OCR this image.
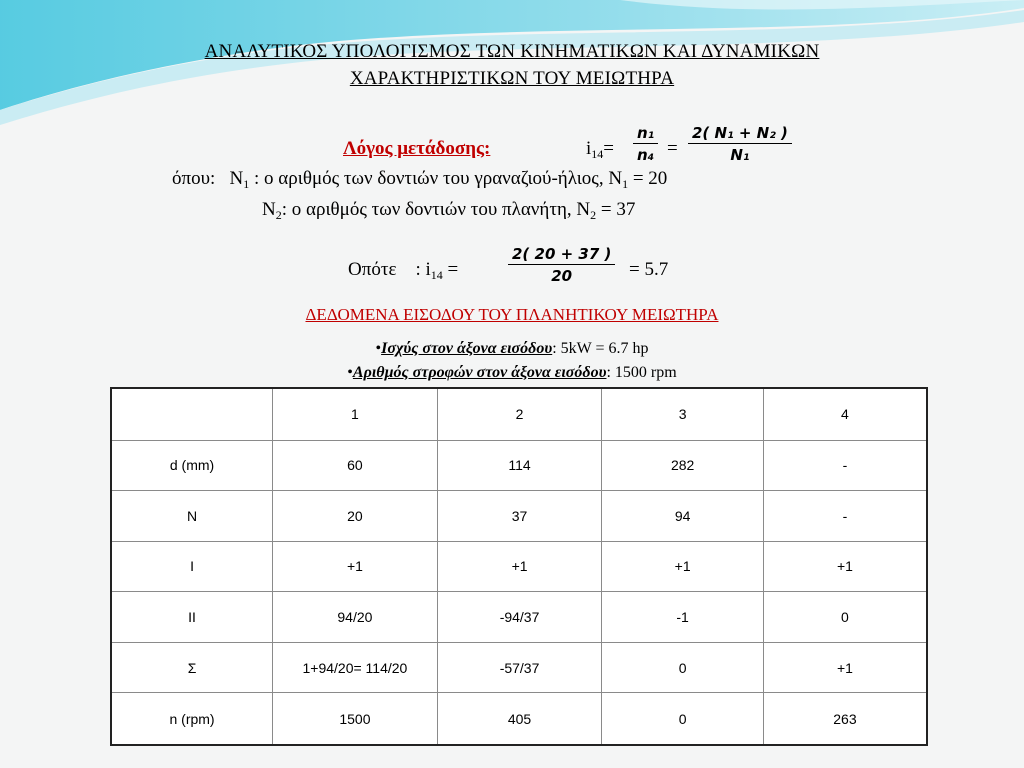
ΑΝΑΛΥΤΙΚΟΣ ΥΠΟΛΟΓΙΣΜΟΣ ΤΩΝ ΚΙΝΗΜΑΤΙΚΩΝ ΚΑΙ ΔΥΝΑΜΙΚΩΝ
ΧΑΡΑΚΤΗΡΙΣΤΙΚΩΝ ΤΟΥ ΜΕΙΩΤΗΡΑ
Λόγος μετάδοσης:	$i_{14}= \frac{\text{n₁}}{\text{n₄}} = \frac{\text{2( N₁ + N₂ )}}{\text{N₁}}$
όπου: $N_1$ : ο αριθμός των δοντιών του γραναζιού-ήλιος, $N_1 = 20$
$N_2$: ο αριθμός των δοντιών του πλανήτη, $N_2 = 37$
Οπότε : $i_{14}$ =	$\frac{2( 20 + 37 )}{20} = 5.7$
ΔΕΔΟΜΕΝΑ ΕΙΣΟΔΟΥ ΤΟΥ ΠΛΑΝΗΤΙΚΟΥ ΜΕΙΩΤΗΡΑ
•Ισχύς στον άξονα εισόδου: 5kW = 6.7 hp
•Αριθμός στροφών στον άξονα εισόδου: 1500 rpm
	1	2	3	4
d (mm)	60	114	282	-
N	20	37	94	-
I	+1	+1	+1	+1
II	94/20	-94/37	-1	0
Σ	1+94/20= 114/20	-57/37	0	+1
n (rpm)	1500	405	0	263
